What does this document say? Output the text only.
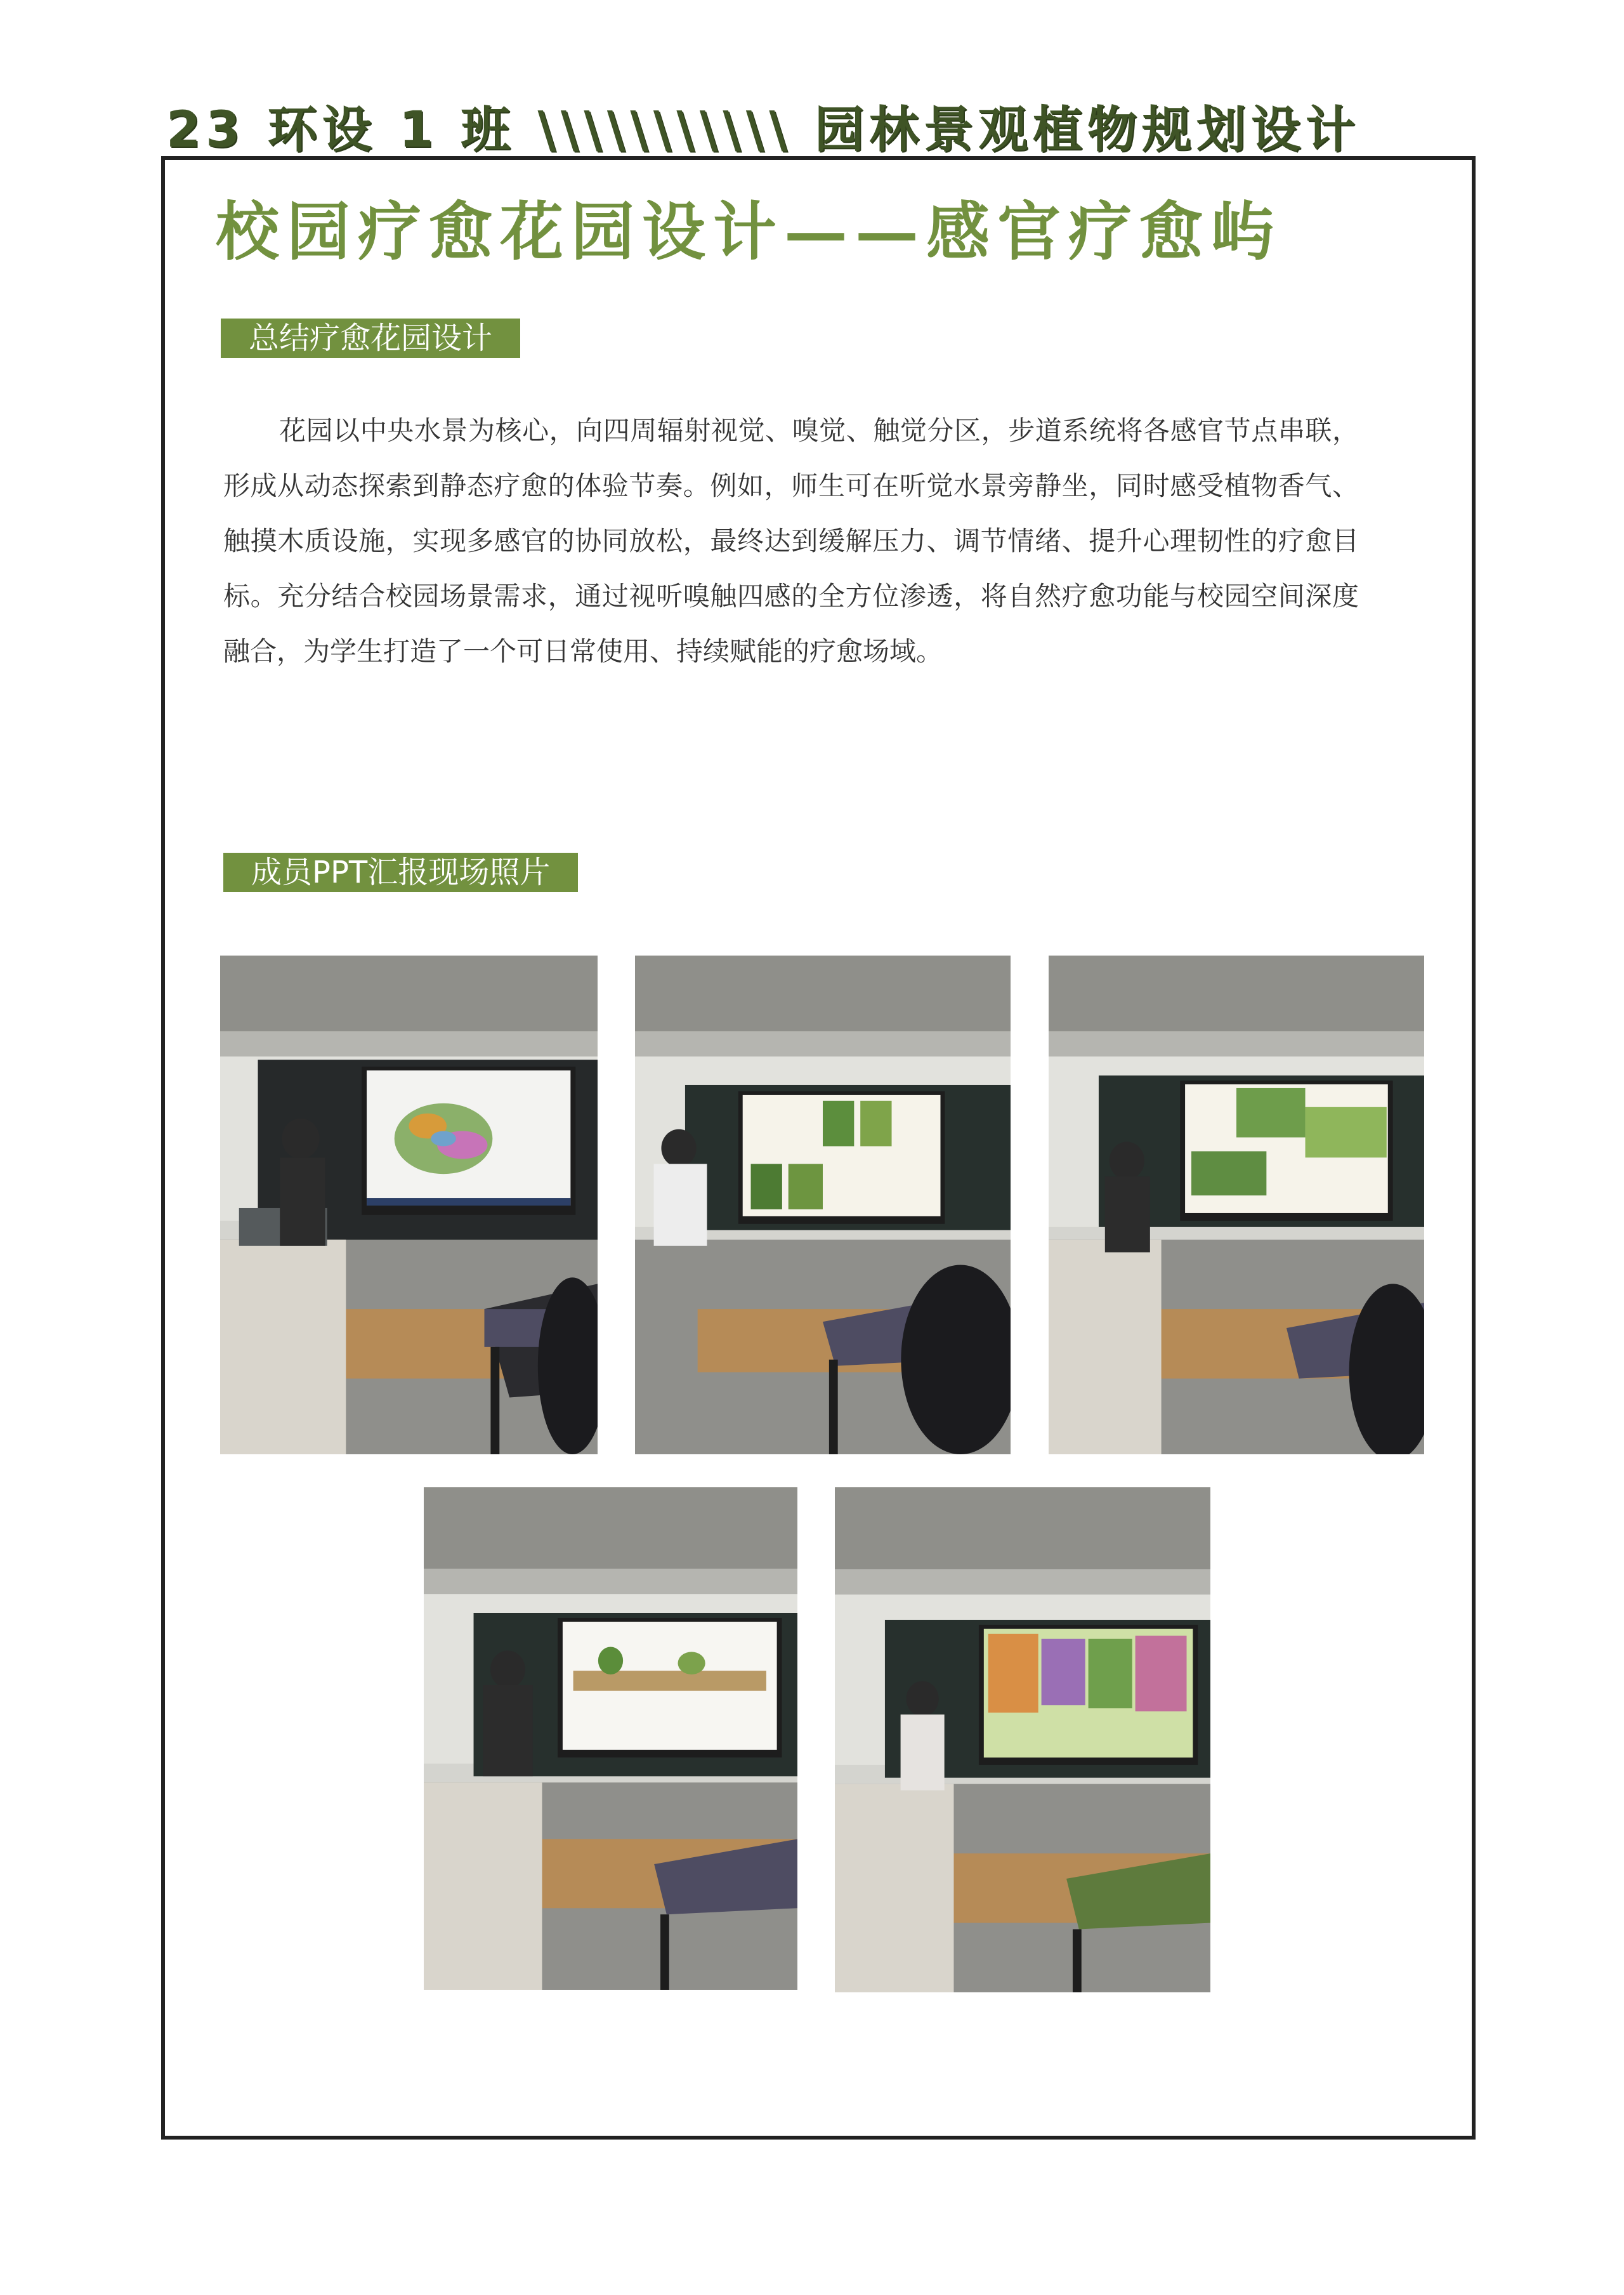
23 环设 1 班 \\\\\\\\\\\ 园林景观植物规划设计
校园疗愈花园设计——感官疗愈屿
总结疗愈花园设计
花园以中央水景为核心，向四周辐射视觉、嗅觉、触觉分区，步道系统将各感官节点串联，形成从动态探索到静态疗愈的体验节奏。例如，师生可在听觉水景旁静坐，同时感受植物香气、触摸木质设施，实现多感官的协同放松，最终达到缓解压力、调节情绪、提升心理韧性的疗愈目标。充分结合校园场景需求，通过视听嗅触四感的全方位渗透，将自然疗愈功能与校园空间深度融合，为学生打造了一个可日常使用、持续赋能的疗愈场域。
成员PPT汇报现场照片
